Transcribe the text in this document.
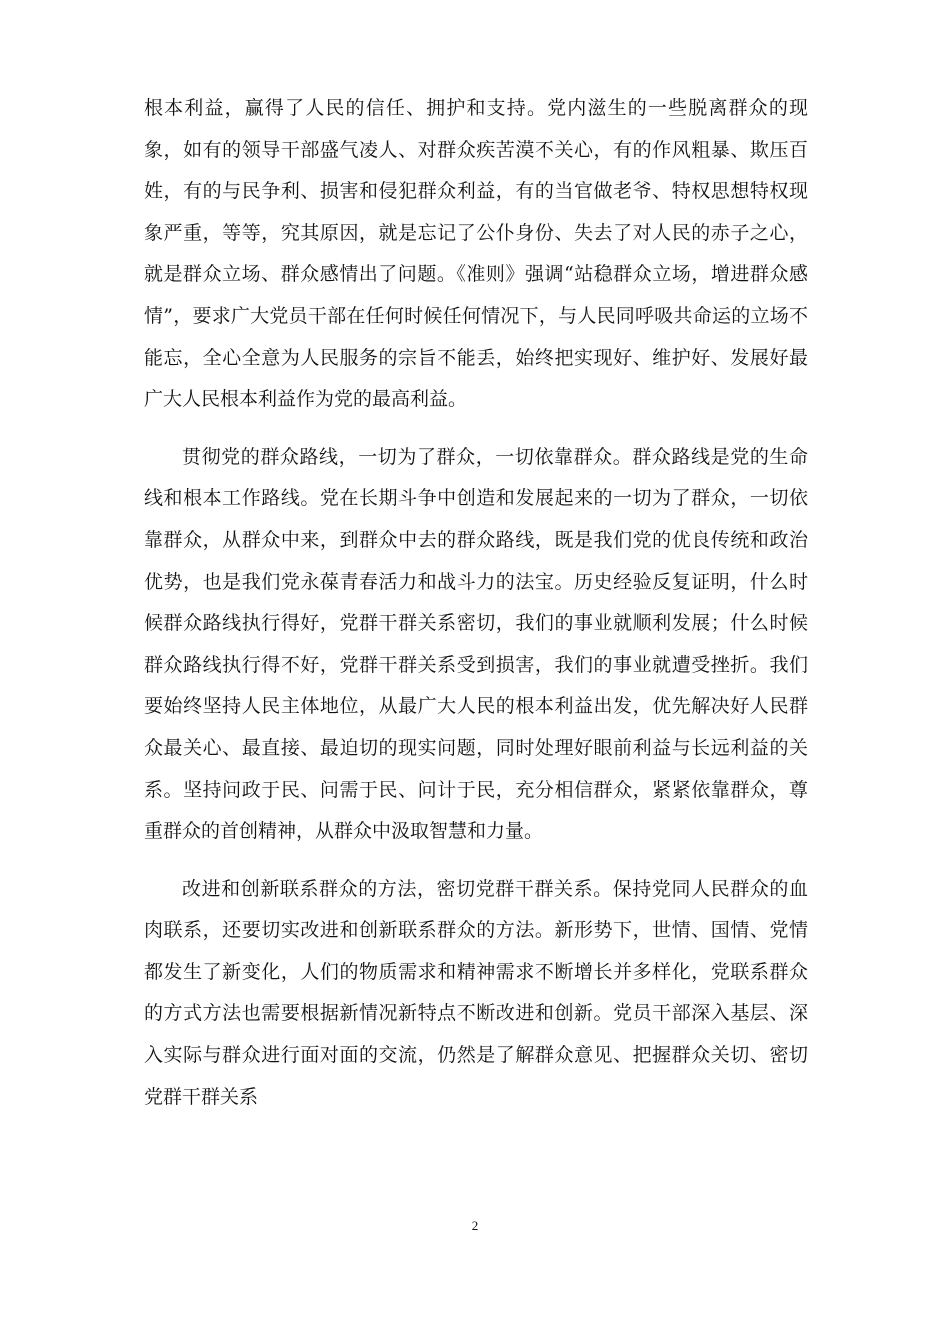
根本利益，赢得了人民的信任、拥护和支持。党内滋生的一些脱离群众的现象，如有的领导干部盛气凌人、对群众疾苦漠不关心，有的作风粗暴、欺压百姓，有的与民争利、损害和侵犯群众利益，有的当官做老爷、特权思想特权现象严重，等等，究其原因，就是忘记了公仆身份、失去了对人民的赤子之心，就是群众立场、群众感情出了问题。《准则》强调“站稳群众立场，增进群众感情”，要求广大党员干部在任何时候任何情况下，与人民同呼吸共命运的立场不能忘，全心全意为人民服务的宗旨不能丢，始终把实现好、维护好、发展好最广大人民根本利益作为党的最高利益。

贯彻党的群众路线，一切为了群众，一切依靠群众。群众路线是党的生命线和根本工作路线。党在长期斗争中创造和发展起来的一切为了群众，一切依靠群众，从群众中来，到群众中去的群众路线，既是我们党的优良传统和政治优势，也是我们党永葆青春活力和战斗力的法宝。历史经验反复证明，什么时候群众路线执行得好，党群干群关系密切，我们的事业就顺利发展；什么时候群众路线执行得不好，党群干群关系受到损害，我们的事业就遭受挫折。我们要始终坚持人民主体地位，从最广大人民的根本利益出发，优先解决好人民群众最关心、最直接、最迫切的现实问题，同时处理好眼前利益与长远利益的关系。坚持问政于民、问需于民、问计于民，充分相信群众，紧紧依靠群众，尊重群众的首创精神，从群众中汲取智慧和力量。

改进和创新联系群众的方法，密切党群干群关系。保持党同人民群众的血肉联系，还要切实改进和创新联系群众的方法。新形势下，世情、国情、党情都发生了新变化，人们的物质需求和精神需求不断增长并多样化，党联系群众的方式方法也需要根据新情况新特点不断改进和创新。党员干部深入基层、深入实际与群众进行面对面的交流，仍然是了解群众意见、把握群众关切、密切党群干群关系

2
